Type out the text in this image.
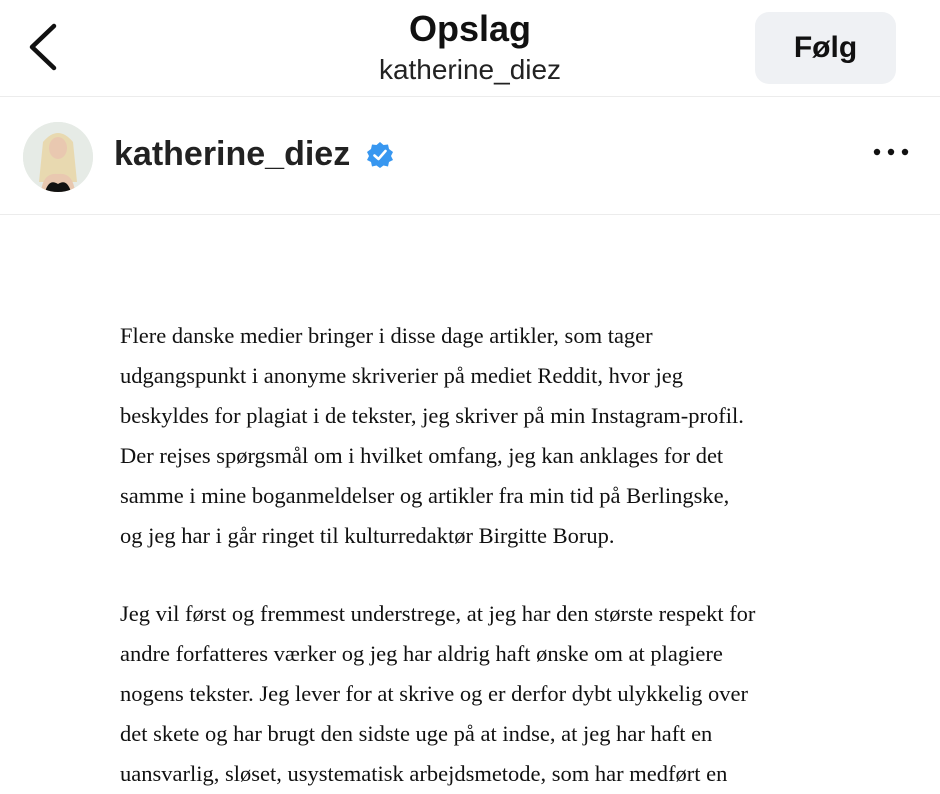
Opslag
katherine_diez
Følg
katherine_diez
Flere danske medier bringer i disse dage artikler, som tager
udgangspunkt i anonyme skriverier på mediet Reddit, hvor jeg
beskyldes for plagiat i de tekster, jeg skriver på min Instagram-profil.
Der rejses spørgsmål om i hvilket omfang, jeg kan anklages for det
samme i mine boganmeldelser og artikler fra min tid på Berlingske,
og jeg har i går ringet til kulturredaktør Birgitte Borup.
Jeg vil først og fremmest understrege, at jeg har den største respekt for
andre forfatteres værker og jeg har aldrig haft ønske om at plagiere
nogens tekster. Jeg lever for at skrive og er derfor dybt ulykkelig over
det skete og har brugt den sidste uge på at indse, at jeg har haft en
uansvarlig, sløset, usystematisk arbejdsmetode, som har medført en
